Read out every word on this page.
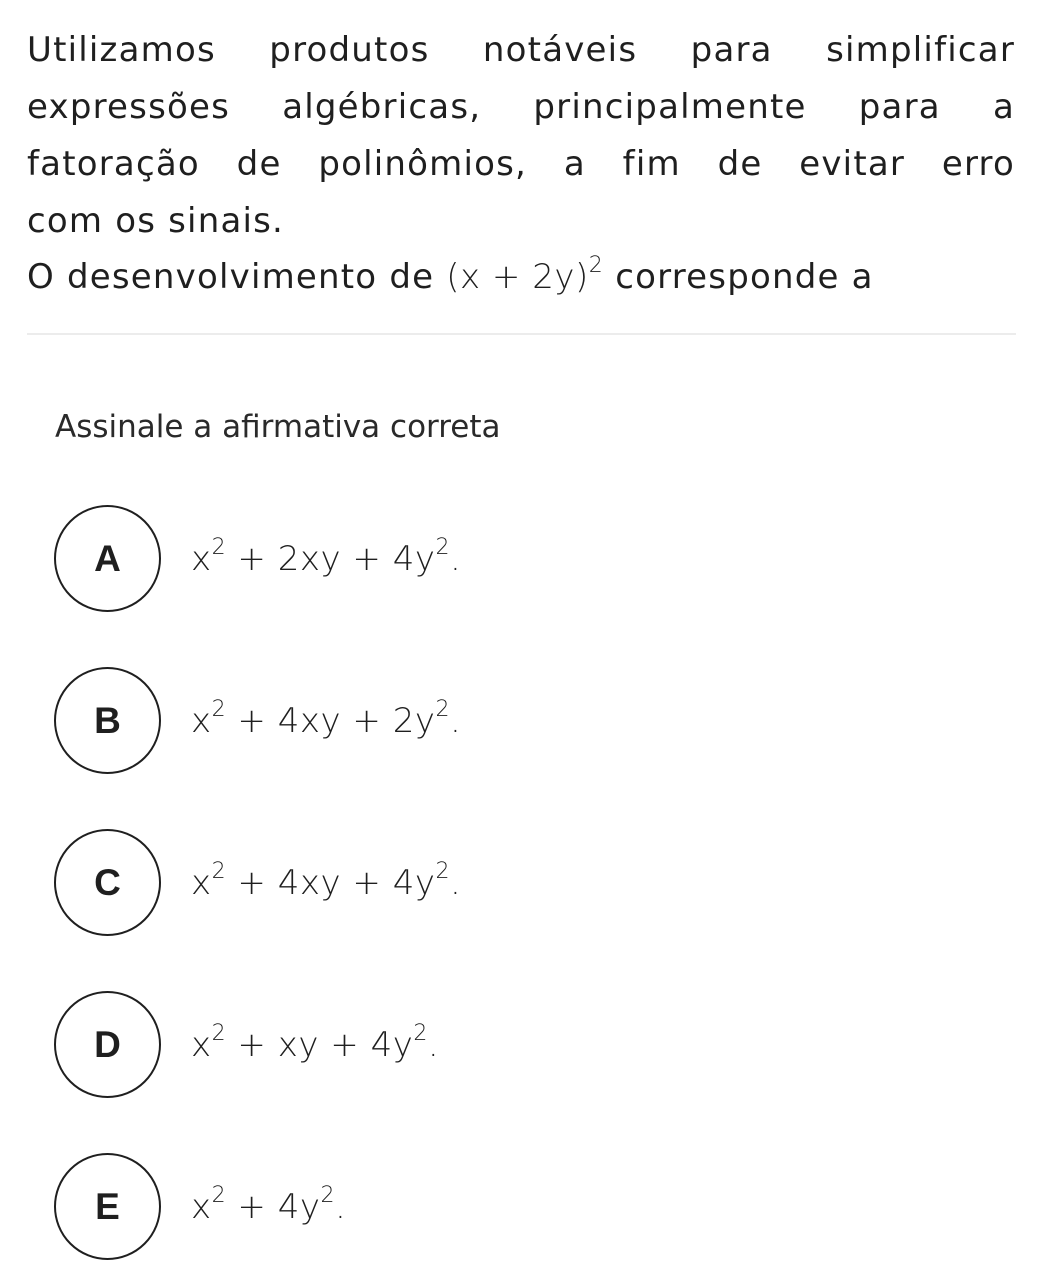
Utilizamos produtos notáveis para simplificar
expressões algébricas, principalmente para a
fatoração de polinômios, a fim de evitar erro
com os sinais.
O desenvolvimento de $(x + 2y)^2$ corresponde a
Assinale a afirmativa correta
A	$x^2 + 2xy + 4y^2$.
B	$x^2 + 4xy + 2y^2$.
C	$x^2 + 4xy + 4y^2$.
D	$x^2$ + xy + $4y^2$.
E	$x^2 + 4y^2$.
